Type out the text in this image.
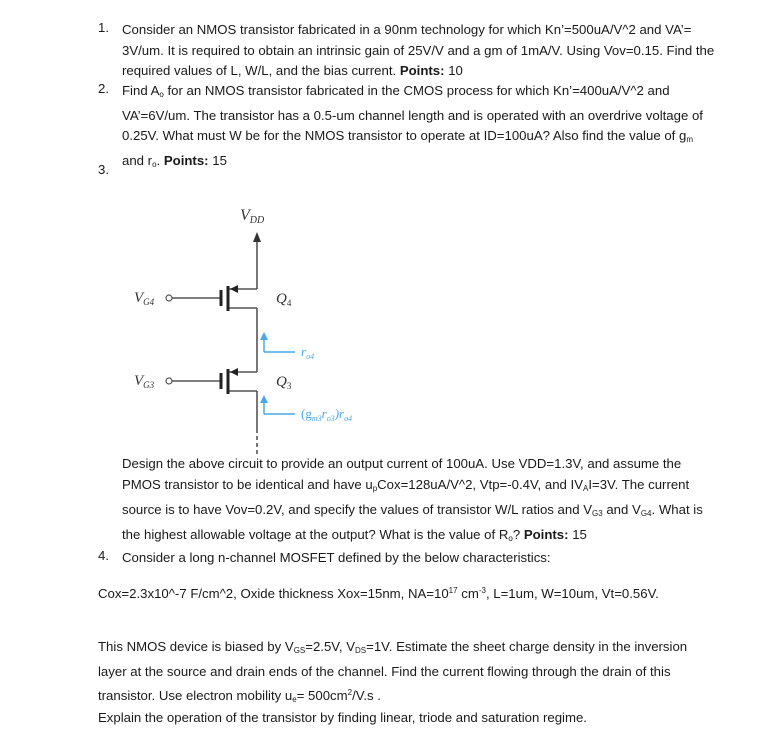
1. Consider an NMOS transistor fabricated in a 90nm technology for which Kn’=500uA/V^2 and VA’= 3V/um. It is required to obtain an intrinsic gain of 25V/V and a gm of 1mA/V. Using Vov=0.15. Find the required values of L, W/L, and the bias current. Points: 10
2. Find $A_o$ for an NMOS transistor fabricated in the CMOS process for which Kn’=400uA/V^2 and VA’=6V/um. The transistor has a 0.5-um channel length and is operated with an overdrive voltage of 0.25V. What must W be for the NMOS transistor to operate at ID=100uA? Also find the value of $g_m$ and $r_o$. Points: 15
3.
VDD
$V_{G4}$
$V_{G3}$
$Q_4$
$Q_3$
$r_{o4}$
$(g_{m3}r_{o3})r_{o4}$
Design the above circuit to provide an output current of 100uA. Use VDD=1.3V, and assume the PMOS transistor to be identical and have $u_pCox=128uA/V\^{}2$, Vtp=-0.4V, and $IV_AI=3V$. The current source is to have Vov=0.2V, and specify the values of transistor W/L ratios and $V_{G3}$ and $V_{G4}$. What is the highest allowable voltage at the output? What is the value of $R_o$? Points: 15
4. Consider a long n-channel MOSFET defined by the below characteristics:
Cox=2.3x10^-7 F/cm^2, Oxide thickness Xox=15nm, $NA=10^{17}$ $cm^{-3}$, L=1um, W=10um, Vt=0.56V.
This NMOS device is biased by $V_{GS}=2.5V$, $V_{DS}=1V$. Estimate the sheet charge density in the inversion layer at the source and drain ends of the channel. Find the current flowing through the drain of this transistor. Use electron mobility $u_e= 500cm^2/V.s$ .
Explain the operation of the transistor by finding linear, triode and saturation regime.
